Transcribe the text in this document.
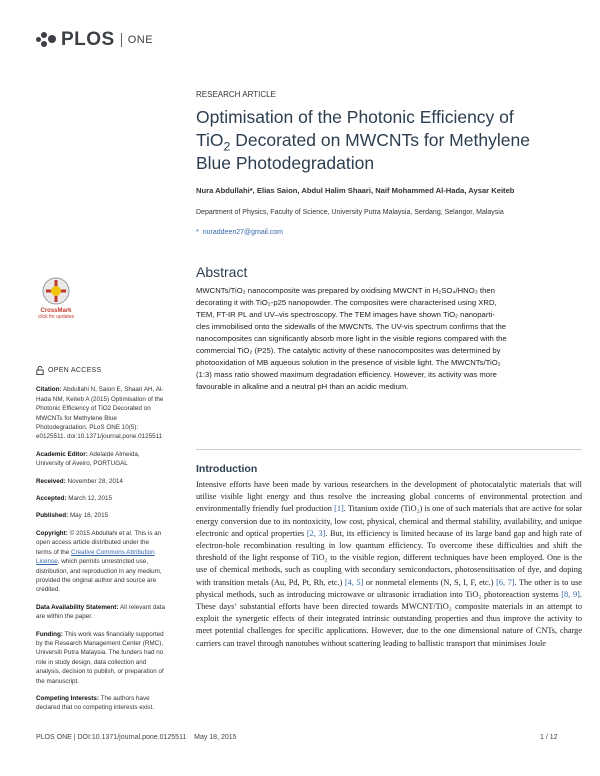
PLOS ONE
RESEARCH ARTICLE
Optimisation of the Photonic Efficiency of
TiO$_2$ Decorated on MWCNTs for Methylene
Blue Photodegradation
Nura Abdullahi*, Elias Saion, Abdul Halim Shaari, Naif Mohammed Al-Hada, Aysar Keiteb
Department of Physics, Faculty of Science, University Putra Malaysia, Serdang, Selangor, Malaysia
* nuraddeen27@gmail.com
Abstract
MWCNTs/TiO₂ nanocomposite was prepared by oxidising MWCNT in H₂SO₄/HNO₃ then
decorating it with TiO₂-p25 nanopowder. The composites were characterised using XRD,
TEM, FT-IR PL and UV–vis spectroscopy. The TEM images have shown TiO₂ nanoparti-
cles immobilised onto the sidewalls of the MWCNTs. The UV-vis spectrum confirms that the
nanocomposites can significantly absorb more light in the visible regions compared with the
commercial TiO₂ (P25). The catalytic activity of these nanocomposites was determined by
photooxidation of MB aqueous solution in the presence of visible light. The MWCNTs/TiO₂
(1:3) mass ratio showed maximum degradation efficiency. However, its activity was more
favourable in alkaline and a neutral pH than an acidic medium.
CrossMark
click for updates
OPEN ACCESS
Citation: Abdullahi N, Saion E, Shaari AH, Al-Hada NM, Keiteb A (2015) Optimisation of the Photonic Efficiency of TiO2 Decorated on MWCNTs for Methylene Blue Photodegradation. PLoS ONE 10(5): e0125511. doi:10.1371/journal.pone.0125511
Academic Editor: Adelaide Almeida, University of Aveiro, PORTUGAL
Received: November 28, 2014
Accepted: March 12, 2015
Published: May 18, 2015
Copyright: © 2015 Abdullahi et al. This is an open access article distributed under the terms of the Creative Commons Attribution License, which permits unrestricted use, distribution, and reproduction in any medium, provided the original author and source are credited.
Data Availability Statement: All relevant data are within the paper.
Funding: This work was financially supported by the Research Management Center (RMC), Universiti Putra Malaysia. The funders had no role in study design, data collection and analysis, decision to publish, or preparation of the manuscript.
Competing Interests: The authors have declared that no competing interests exist.
Introduction
Intensive efforts have been made by various researchers in the development of photocatalytic materials that will utilise visible light energy and thus resolve the increasing global concerns of environmental protection and environmentally friendly fuel production [1]. Titanium oxide (TiO₂) is one of such materials that are active for solar energy conversion due to its nontoxicity, low cost, physical, chemical and thermal stability, availability, and unique electronic and optical properties [2, 3]. But, its efficiency is limited because of its large band gap and high rate of electron-hole recombination resulting in low quantum efficiency. To overcome these difficulties and shift the threshold of the light response of TiO₂ to the visible region, different techniques have been employed. One is the use of chemical methods, such as coupling with secondary semiconductors, photosensitisation of dye, and doping with transition metals (Au, Pd, Pt, Rh, etc.) [4, 5] or nonmetal elements (N, S, I, F, etc.) [6, 7]. The other is to use physical methods, such as introducing microwave or ultrasonic irradiation into TiO₂ photoreaction systems [8, 9]. These days’ substantial efforts have been directed towards MWCNT/TiO₂ composite materials in an attempt to exploit the synergetic effects of their integrated intrinsic outstanding properties and thus improve the activity to meet potential challenges for specific applications. However, due to the one dimensional nature of CNTs, charge carriers can travel through nanotubes without scattering leading to ballistic transport that minimises Joule
PLOS ONE | DOI:10.1371/journal.pone.0125511    May 18, 2015	1 / 12
